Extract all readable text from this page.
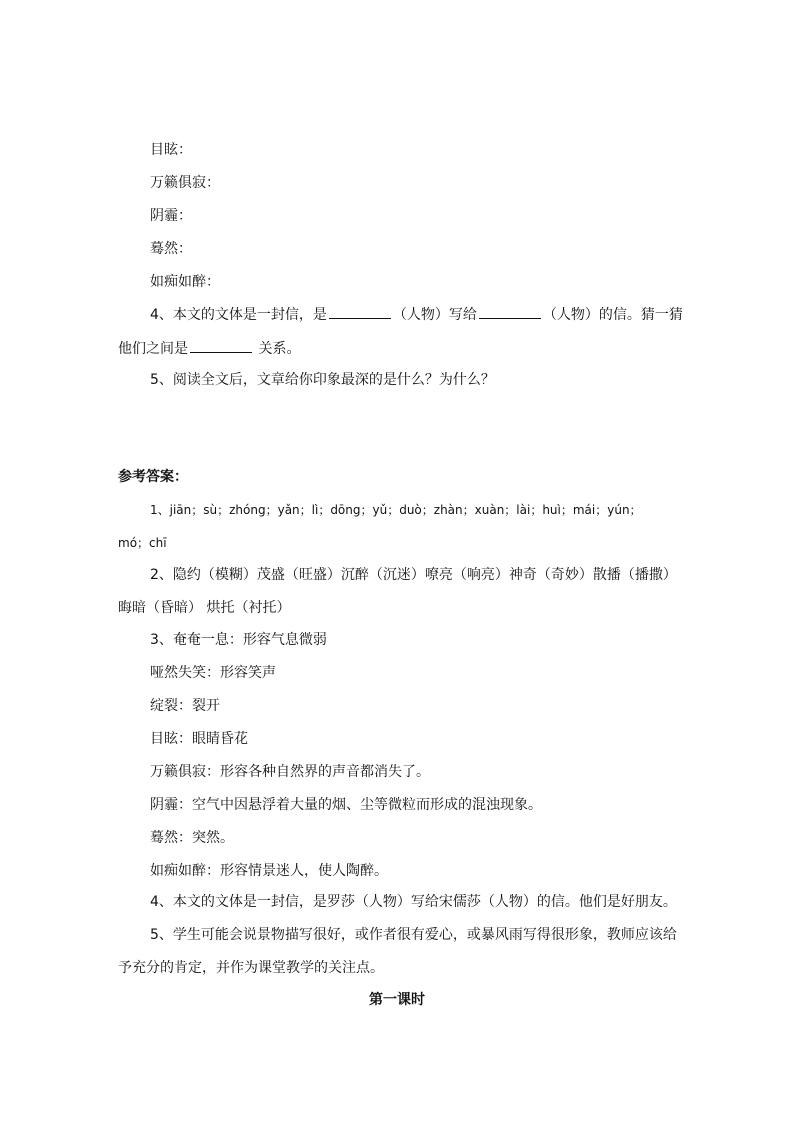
目眩：
万籁俱寂：
阴霾：
蓦然：
如痴如醉：
4、本文的文体是一封信，是	（人物）写给	（人物）的信。猜一猜
他们之间是	关系。
5、阅读全文后，文章给你印象最深的是什么？为什么？
参考答案：
1、jiān；sù；zhóng；yǎn；lì；dōng；yǔ；duò；zhàn；xuàn；lài；huì；mái；yún；
mó；chī
2、隐约（模糊）茂盛（旺盛）沉醉（沉迷）嘹亮（响亮）神奇（奇妙）散播（播撒）
晦暗（昏暗） 烘托（衬托）
3、奄奄一息：形容气息微弱
哑然失笑：形容笑声
绽裂：裂开
目眩：眼睛昏花
万籁俱寂：形容各种自然界的声音都消失了。
阴霾：空气中因悬浮着大量的烟、尘等微粒而形成的混浊现象。
蓦然：突然。
如痴如醉：形容情景迷人，使人陶醉。
4、本文的文体是一封信，是罗莎（人物）写给宋儒莎（人物）的信。他们是好朋友。
5、学生可能会说景物描写很好，或作者很有爱心，或暴风雨写得很形象，教师应该给
予充分的肯定，并作为课堂教学的关注点。
第一课时
